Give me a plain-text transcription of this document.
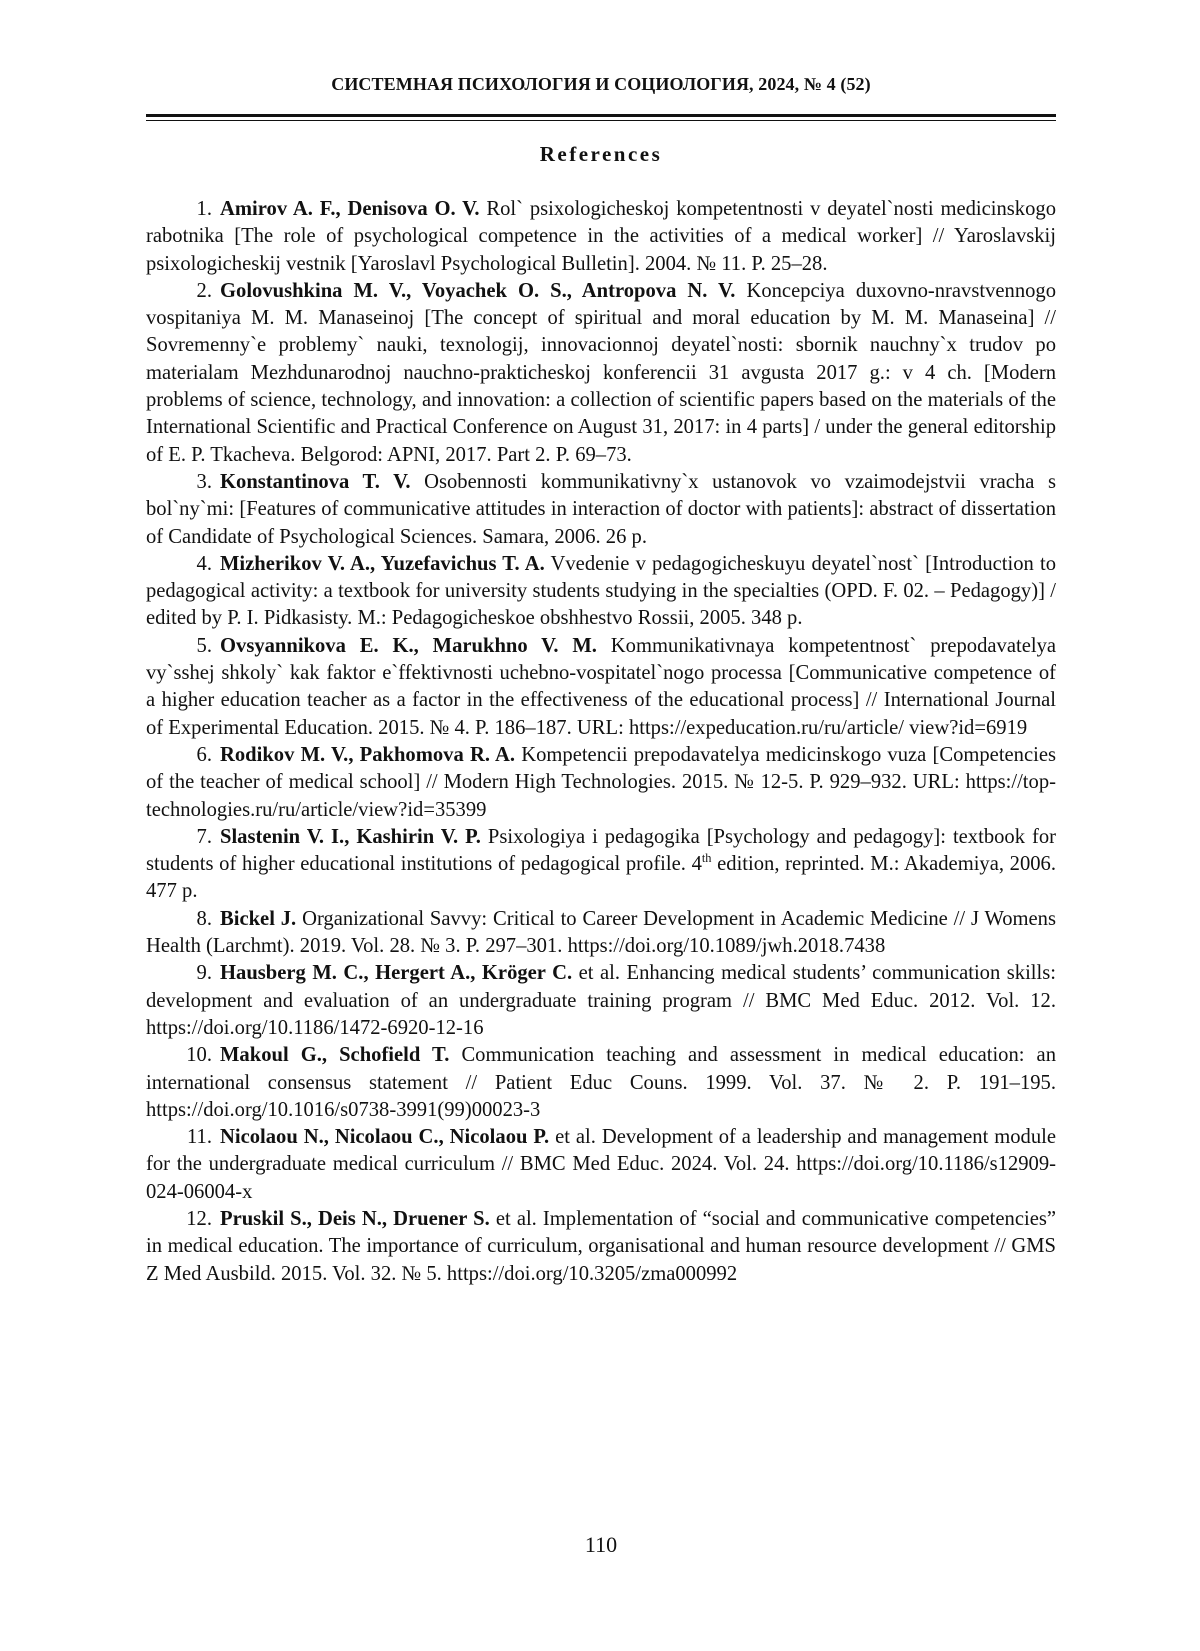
СИСТЕМНАЯ ПСИХОЛОГИЯ И СОЦИОЛОГИЯ, 2024, № 4 (52)
References
1. Amirov A. F., Denisova O. V. Rol` psixologicheskoj kompetentnosti v deyatel`nosti medicinskogo rabotnika [The role of psychological competence in the activities of a medical worker] // Yaroslavskij psixologicheskij vestnik [Yaroslavl Psychological Bulletin]. 2004. № 11. P. 25–28.
2. Golovushkina M. V., Voyachek O. S., Antropova N. V. Koncepciya duxovno-nravstvennogo vospitaniya M. M. Manaseinoj [The concept of spiritual and moral education by M. M. Manaseina] // Sovremenny`e problemy` nauki, texnologij, innovacionnoj deyatel`nosti: sbornik nauchny`x trudov po materialam Mezhdunarodnoj nauchno-prakticheskoj konferencii 31 avgusta 2017 g.: v 4 ch. [Modern problems of science, technology, and innovation: a collection of scientific papers based on the materials of the International Scientific and Practical Conference on August 31, 2017: in 4 parts] / under the general editorship of E. P. Tkacheva. Belgorod: APNI, 2017. Part 2. P. 69–73.
3. Konstantinova T. V. Osobennosti kommunikativny`x ustanovok vo vzaimodejstvii vracha s bol`ny`mi: [Features of communicative attitudes in interaction of doctor with patients]: abstract of dissertation of Candidate of Psychological Sciences. Samara, 2006. 26 p.
4. Mizherikov V. A., Yuzefavichus T. A. Vvedenie v pedagogicheskuyu deyatel`nost` [Introduction to pedagogical activity: a textbook for university students studying in the specialties (OPD. F. 02. – Pedagogy)] / edited by P. I. Pidkasisty. M.: Pedagogicheskoe obshhestvo Rossii, 2005. 348 p.
5. Ovsyannikova E. K., Marukhno V. M. Kommunikativnaya kompetentnost` prepodavatelya vy`sshej shkoly` kak faktor e`ffektivnosti uchebno-vospitatel`nogo processa [Communicative competence of a higher education teacher as a factor in the effectiveness of the educational process] // International Journal of Experimental Education. 2015. № 4. P. 186–187. URL: https://expeducation.ru/ru/article/ view?id=6919
6. Rodikov M. V., Pakhomova R. A. Kompetencii prepodavatelya medicinskogo vuza [Competencies of the teacher of medical school] // Modern High Technologies. 2015. № 12-5. P. 929–932. URL: https://top-technologies.ru/ru/article/view?id=35399
7. Slastenin V. I., Kashirin V. P. Psixologiya i pedagogika [Psychology and pedagogy]: textbook for students of higher educational institutions of pedagogical profile. 4th edition, reprinted. M.: Akademiya, 2006. 477 p.
8. Bickel J. Organizational Savvy: Critical to Career Development in Academic Medicine // J Womens Health (Larchmt). 2019. Vol. 28. № 3. P. 297–301. https://doi.org/10.1089/jwh.2018.7438
9. Hausberg M. C., Hergert A., Kröger C. et al. Enhancing medical students’ communication skills: development and evaluation of an undergraduate training program // BMC Med Educ. 2012. Vol. 12. https://doi.org/10.1186/1472-6920-12-16
10. Makoul G., Schofield T. Communication teaching and assessment in medical education: an international consensus statement // Patient Educ Couns. 1999. Vol. 37. № 2. P. 191–195. https://doi.org/10.1016/s0738-3991(99)00023-3
11. Nicolaou N., Nicolaou C., Nicolaou P. et al. Development of a leadership and management module for the undergraduate medical curriculum // BMC Med Educ. 2024. Vol. 24. https://doi.org/10.1186/s12909-024-06004-x
12. Pruskil S., Deis N., Druener S. et al. Implementation of “social and communicative competencies” in medical education. The importance of curriculum, organisational and human resource development // GMS Z Med Ausbild. 2015. Vol. 32. № 5. https://doi.org/10.3205/zma000992
110
